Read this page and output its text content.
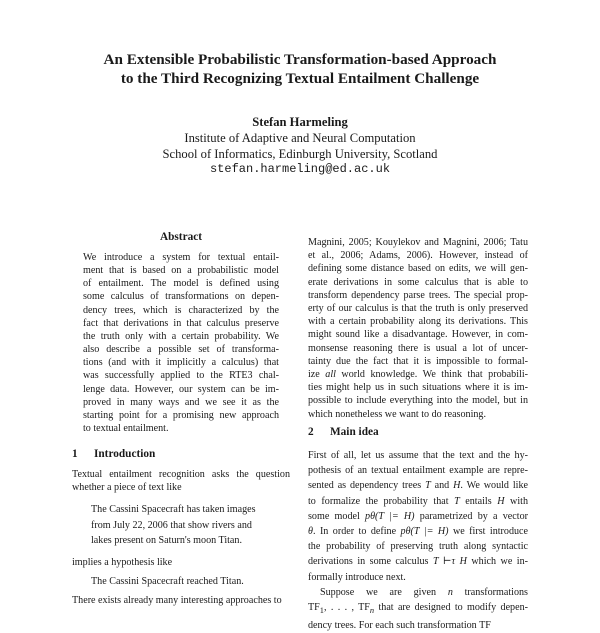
An Extensible Probabilistic Transformation-based Approach
to the Third Recognizing Textual Entailment Challenge
Stefan Harmeling
Institute of Adaptive and Neural Computation
School of Informatics, Edinburgh University, Scotland
stefan.harmeling@ed.ac.uk
Abstract
We introduce a system for textual entail-
ment that is based on a probabilistic model
of entailment. The model is defined using
some calculus of transformations on depen-
dency trees, which is characterized by the
fact that derivations in that calculus preserve
the truth only with a certain probability. We
also describe a possible set of transforma-
tions (and with it implicitly a calculus) that
was successfully applied to the RTE3 chal-
lenge data. However, our system can be im-
proved in many ways and we see it as the
starting point for a promising new approach
to textual entailment.
1 Introduction

Textual entailment recognition asks the question
whether a piece of text like

The Cassini Spacecraft has taken images
from July 22, 2006 that show rivers and
lakes present on Saturn's moon Titan.

implies a hypothesis like

The Cassini Spacecraft reached Titan.

There exists already many interesting approaches to

Magnini, 2005; Kouylekov and Magnini, 2006; Tatu
et al., 2006; Adams, 2006). However, instead of
defining some distance based on edits, we will gen-
erate derivations in some calculus that is able to
transform dependency parse trees. The special prop-
erty of our calculus is that the truth is only preserved
with a certain probability along its derivations. This
might sound like a disadvantage. However, in com-
monsense reasoning there is usual a lot of uncer-
tainty due the fact that it is impossible to formal-
ize all world knowledge. We think that probabili-
ties might help us in such situations where it is im-
possible to include everything into the model, but in
which nonetheless we want to do reasoning.

2 Main idea

First of all, let us assume that the text and the hy-
pothesis of an textual entailment example are repre-
sented as dependency trees T and H. We would like
to formalize the probability that T entails H with
some model pθ(T |= H) parametrized by a vector
θ. In order to define pθ(T |= H) we first introduce
the probability of preserving truth along syntactic
derivations in some calculus T ⊢τ H which we in-
formally introduce next.
Suppose we are given n transformations
$TF_1$, . . . , $TF_n$ that are designed to modify depen-
dency trees. For each such transformation TF
